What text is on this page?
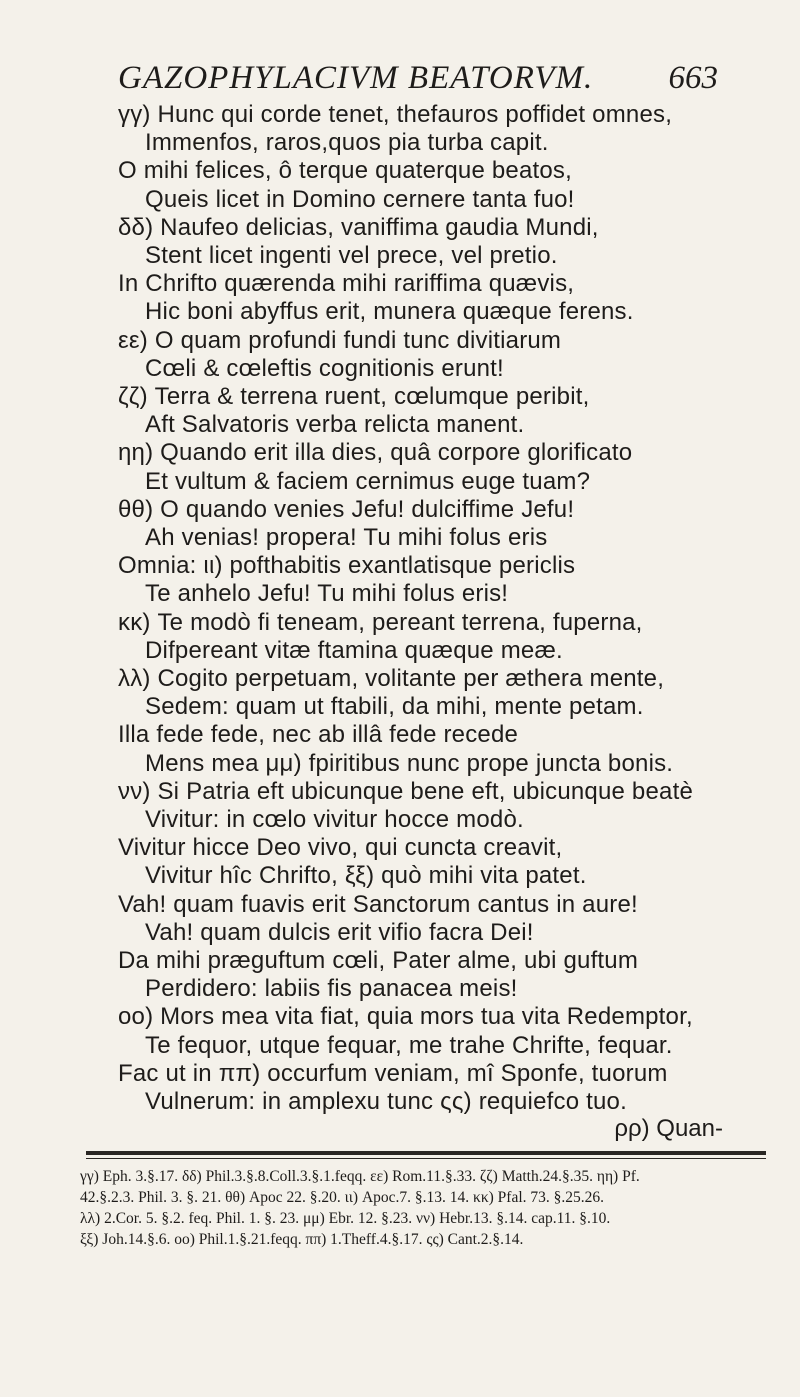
GAZOPHYLACIVM BEATORVM. 663
γγ) Hunc qui corde tenet, thefauros poffidet omnes,
Immenfos, raros,quos pia turba capit.
O mihi felices, ô terque quaterque beatos,
Queis licet in Domino cernere tanta fuo!
δδ) Naufeo delicias, vaniffima gaudia Mundi,
Stent licet ingenti vel prece, vel pretio.
In Chrifto quærenda mihi rariffima quævis,
Hic boni abyffus erit, munera quæque ferens.
εε) O quam profundi fundi tunc divitiarum
Cœli & cœleftis cognitionis erunt!
ζζ) Terra & terrena ruent, cœlumque peribit,
Aft Salvatoris verba relicta manent.
ηη) Quando erit illa dies, quâ corpore glorificato
Et vultum & faciem cernimus euge tuam?
θθ) O quando venies Jefu! dulciffime Jefu!
Ah venias! propera! Tu mihi folus eris
Omnia: ιι) pofthabitis exantlatisque periclis
Te anhelo Jefu! Tu mihi folus eris!
κκ) Te modò fi teneam, pereant terrena, fuperna,
Difpereant vitæ ftamina quæque meæ.
λλ) Cogito perpetuam, volitante per æthera mente,
Sedem: quam ut ftabili, da mihi, mente petam.
Illa fede fede, nec ab illâ fede recede
Mens mea μμ) fpiritibus nunc prope juncta bonis.
νν) Si Patria eft ubicunque bene eft, ubicunque beatè
Vivitur: in cœlo vivitur hocce modò.
Vivitur hicce Deo vivo, qui cuncta creavit,
Vivitur hîc Chrifto, ξξ) quò mihi vita patet.
Vah! quam fuavis erit Sanctorum cantus in aure!
Vah! quam dulcis erit vifio facra Dei!
Da mihi præguftum cœli, Pater alme, ubi guftum
Perdidero: labiis fis panacea meis!
οο) Mors mea vita fiat, quia mors tua vita Redemptor,
Te fequor, utque fequar, me trahe Chrifte, fequar.
Fac ut in ππ) occurfum veniam, mî Sponfe, tuorum
Vulnerum: in amplexu tunc ςς) requiefco tuo.
ρρ) Quan-
γγ) Eph. 3.§.17. δδ) Phil.3.§.8.Coll.3.§.1.feqq. εε) Rom.11.§.33. ζζ) Matth.24.§.35. ηη) Pf.
42.§.2.3. Phil. 3. §. 21. θθ) Apoc 22. §.20. ιι) Apoc.7. §.13. 14. κκ) Pfal. 73. §.25.26.
λλ) 2.Cor. 5. §.2. feq. Phil. 1. §. 23. μμ) Ebr. 12. §.23. νν) Hebr.13. §.14. cap.11. §.10.
ξξ) Joh.14.§.6. οο) Phil.1.§.21.feqq. ππ) 1.Theff.4.§.17. ςς) Cant.2.§.14.
